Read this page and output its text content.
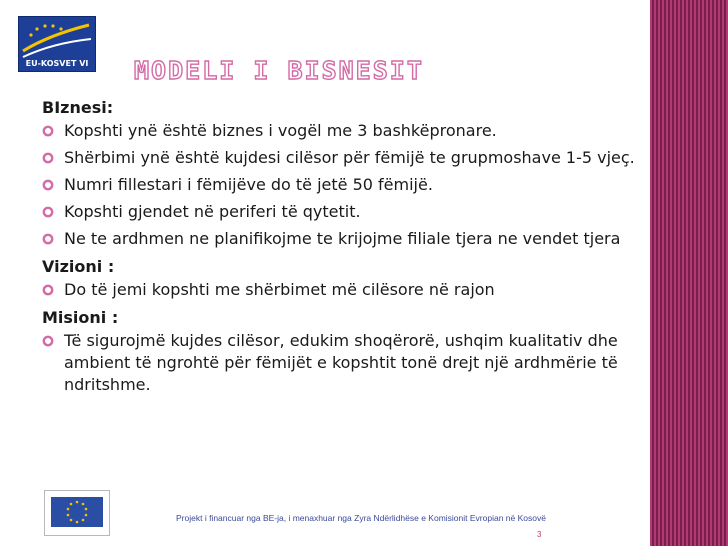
EU-KOSVET VI MODELI I BISNESIT

BIznesi:

Kopshti ynë është biznes i vogël me 3 bashkëpronare.

Shërbimi ynë është kujdesi cilësor për fëmijë te grupmoshave 1-5 vjeç.

Numri fillestari i fëmijëve do të jetë 50 fëmijë.

Kopshti gjendet në periferi të qytetit.

Ne te ardhmen ne planifikojme te krijojme filiale tjera ne vendet tjera

Vizioni :

Do të jemi kopshti me shërbimet më cilësore në rajon

Misioni :

Të sigurojmë kujdes cilësor, edukim shoqërorë, ushqim kualitativ dhe ambient të ngrohtë për fëmijët e kopshtit tonë drejt një ardhmërie të ndritshme.

Projekt i financuar nga BE-ja, i menaxhuar nga Zyra Ndërlidhëse e Komisionit Evropian në Kosovë
3
